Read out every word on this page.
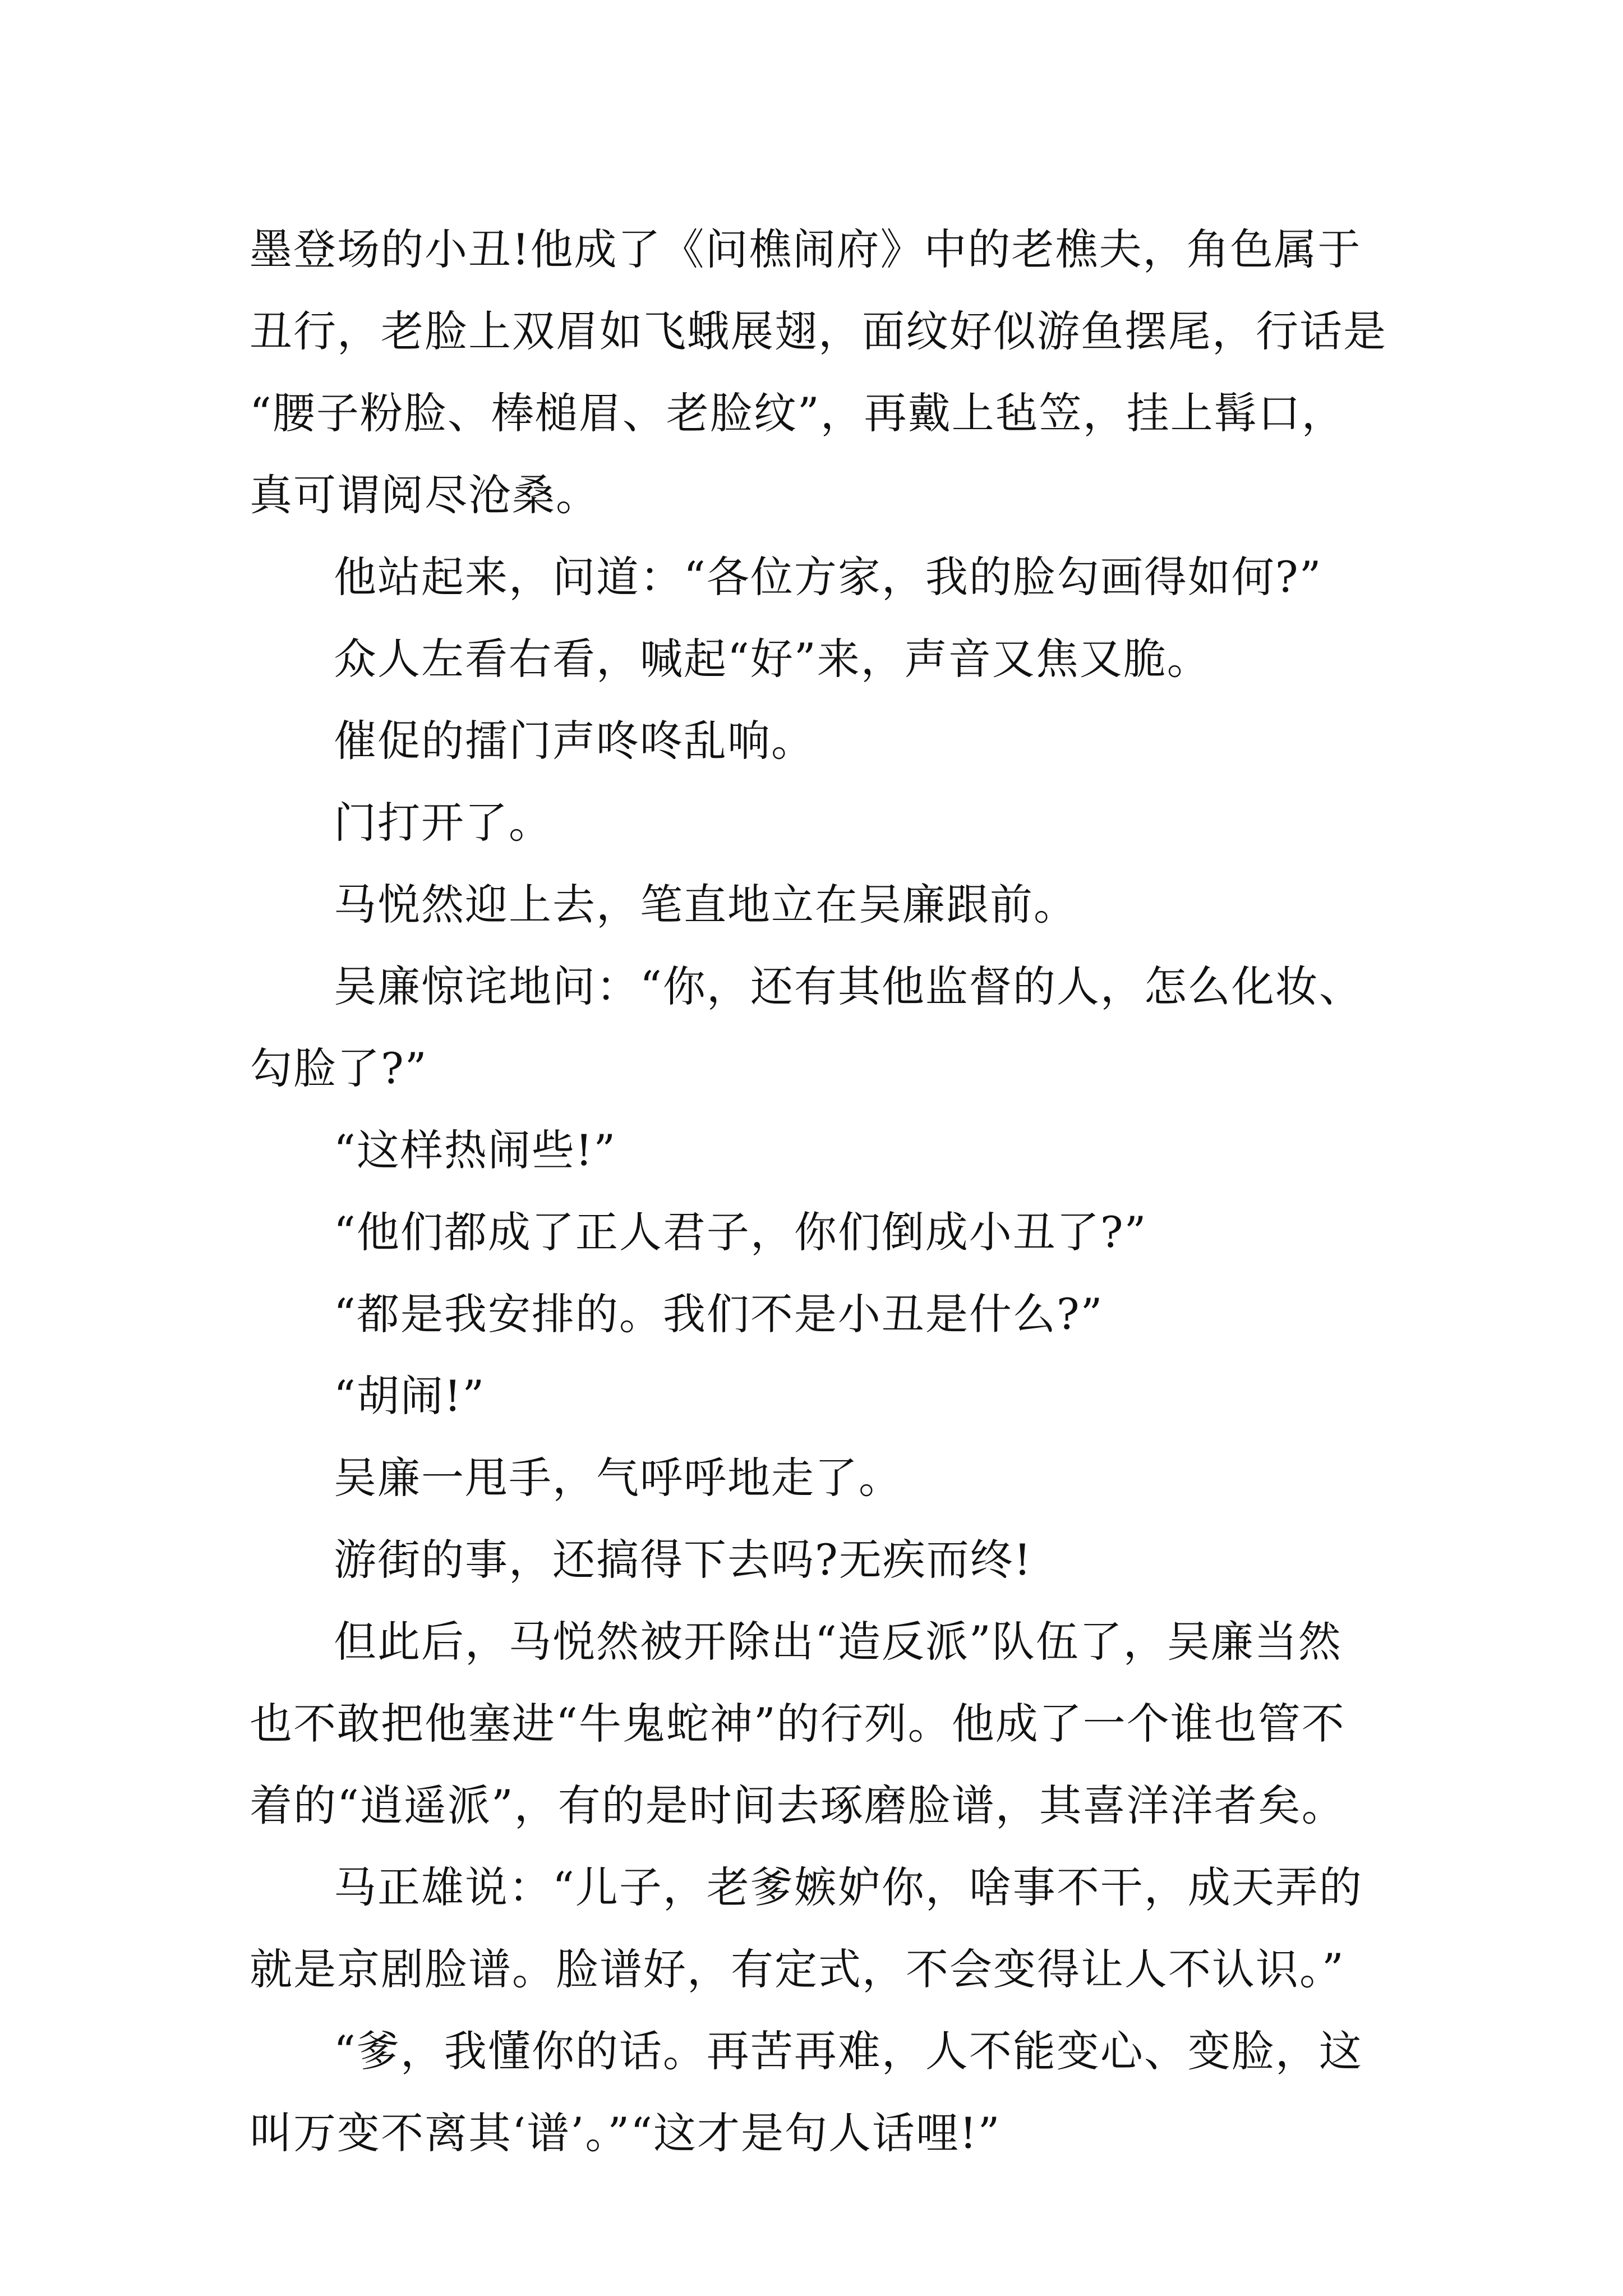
墨登场的小丑!他成了《问樵闹府》中的老樵夫，角色属于
丑行，老脸上双眉如飞蛾展翅，面纹好似游鱼摆尾，行话是
“腰子粉脸、棒槌眉、老脸纹”，再戴上毡笠，挂上髯口，
真可谓阅尽沧桑。
他站起来，问道：“各位方家，我的脸勾画得如何?”
众人左看右看，喊起“好”来，声音又焦又脆。
催促的擂门声咚咚乱响。
门打开了。
马悦然迎上去，笔直地立在吴廉跟前。
吴廉惊诧地问：“你，还有其他监督的人，怎么化妆、
勾脸了?”
“这样热闹些!”
“他们都成了正人君子，你们倒成小丑了?”
“都是我安排的。我们不是小丑是什么?”
“胡闹!”
吴廉一甩手，气呼呼地走了。
游街的事，还搞得下去吗?无疾而终!
但此后，马悦然被开除出“造反派”队伍了，吴廉当然
也不敢把他塞进“牛鬼蛇神”的行列。他成了一个谁也管不
着的“逍遥派”，有的是时间去琢磨脸谱，其喜洋洋者矣。
马正雄说：“儿子，老爹嫉妒你，啥事不干，成天弄的
就是京剧脸谱。脸谱好，有定式，不会变得让人不认识。”
“爹，我懂你的话。再苦再难，人不能变心、变脸，这
叫万变不离其‘谱’。”“这才是句人话哩!”
